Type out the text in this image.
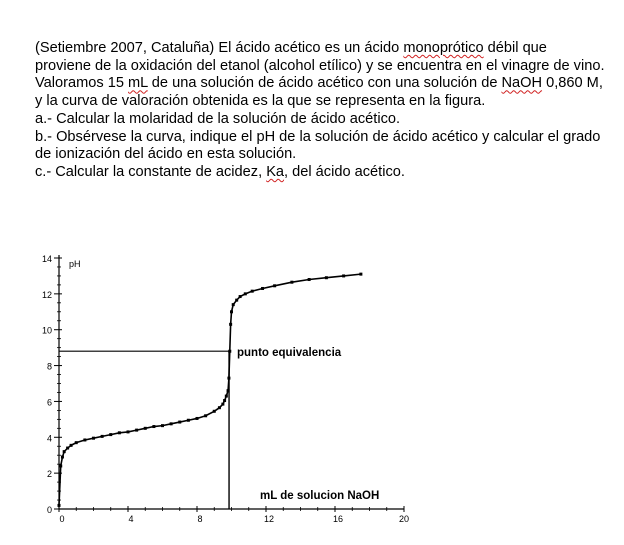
(Setiembre 2007, Cataluña) El ácido acético es un ácido monoprótico débil que proviene de la oxidación del etanol (alcohol etílico) y se encuentra en el vinagre de vino.

Valoramos 15 mL de una solución de ácido acético con una solución de NaOH 0,860 M, y la curva de valoración obtenida es la que se representa en la figura.

a.- Calcular la molaridad de la solución de ácido acético.

b.- Obsérvese la curva, indique el pH de la solución de ácido acético y calcular el grado de ionización del ácido en esta solución.

c.- Calcular la constante de acidez, Ka, del ácido acético.

0
2
4
6
8
10
12
14
0	4	8	12	16	20
pH
mL de solucion NaOH
punto equivalencia
